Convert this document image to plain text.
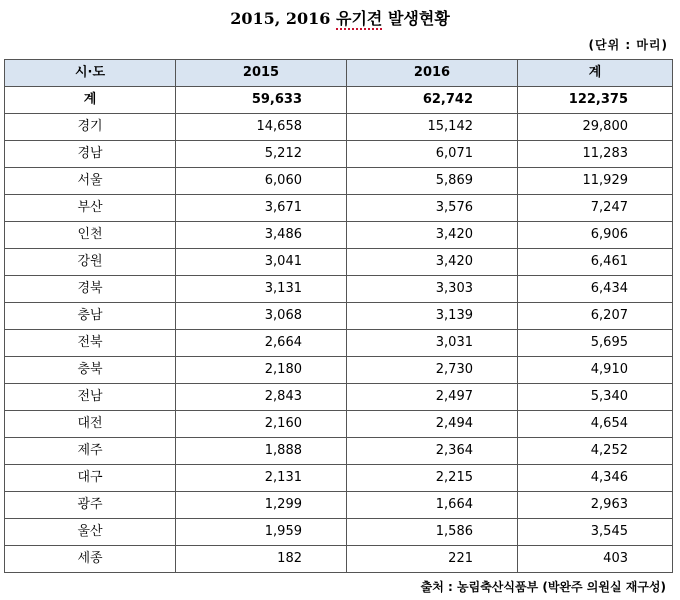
2015, 2016 유기견 발생현황
(단위 : 마리)
시·도	2015	2016	계
계	59,633	62,742	122,375
경기	14,658	15,142	29,800
경남	5,212	6,071	11,283
서울	6,060	5,869	11,929
부산	3,671	3,576	7,247
인천	3,486	3,420	6,906
강원	3,041	3,420	6,461
경북	3,131	3,303	6,434
충남	3,068	3,139	6,207
전북	2,664	3,031	5,695
충북	2,180	2,730	4,910
전남	2,843	2,497	5,340
대전	2,160	2,494	4,654
제주	1,888	2,364	4,252
대구	2,131	2,215	4,346
광주	1,299	1,664	2,963
울산	1,959	1,586	3,545
세종	182	221	403
출처 : 농림축산식품부 (박완주 의원실 재구성)
